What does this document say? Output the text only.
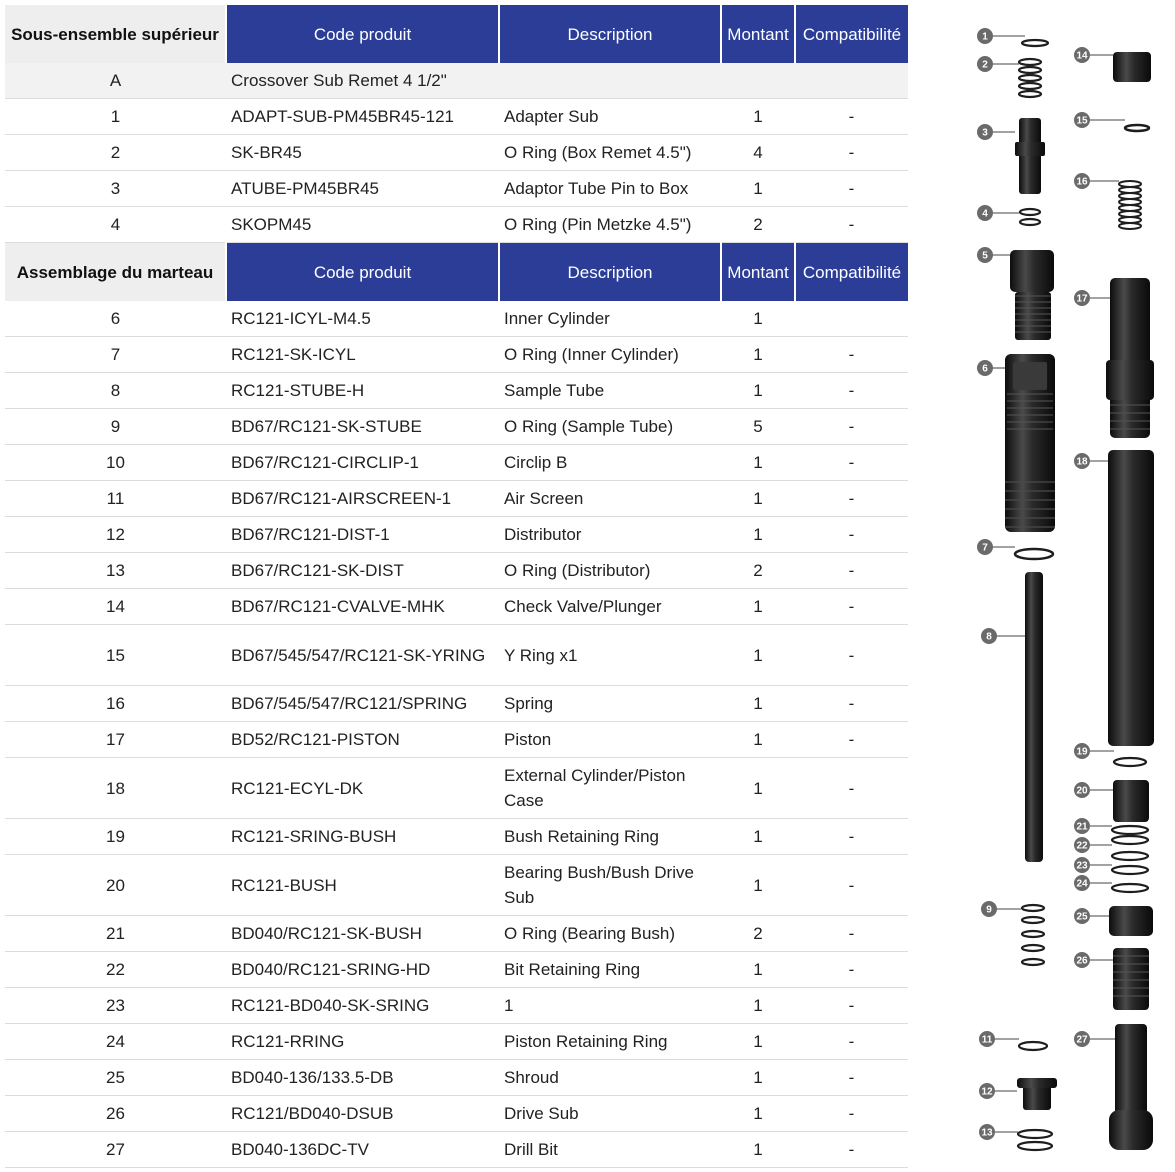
Sous-ensemble supérieur	Code produit	Description	Montant	Compatibilité
A	Crossover Sub Remet 4 1/2"			
1	ADAPT-SUB-PM45BR45-121	Adapter Sub	1	-
2	SK-BR45	O Ring (Box Remet 4.5")	4	-
3	ATUBE-PM45BR45	Adaptor Tube Pin to Box	1	-
4	SKOPM45	O Ring (Pin Metzke 4.5")	2	-
Assemblage du marteau	Code produit	Description	Montant	Compatibilité
6	RC121-ICYL-M4.5	Inner Cylinder	1	
7	RC121-SK-ICYL	O Ring (Inner Cylinder)	1	-
8	RC121-STUBE-H	Sample Tube	1	-
9	BD67/RC121-SK-STUBE	O Ring (Sample Tube)	5	-
10	BD67/RC121-CIRCLIP-1	Circlip B	1	-
11	BD67/RC121-AIRSCREEN-1	Air Screen	1	-
12	BD67/RC121-DIST-1	Distributor	1	-
13	BD67/RC121-SK-DIST	O Ring (Distributor)	2	-
14	BD67/RC121-CVALVE-MHK	Check Valve/Plunger	1	-
15	BD67/545/547/RC121-SK-YRING	Y Ring x1	1	-
16	BD67/545/547/RC121/SPRING	Spring	1	-
17	BD52/RC121-PISTON	Piston	1	-
18	RC121-ECYL-DK	External Cylinder/Piston Case	1	-
19	RC121-SRING-BUSH	Bush Retaining Ring	1	-
20	RC121-BUSH	Bearing Bush/Bush Drive Sub	1	-
21	BD040/RC121-SK-BUSH	O Ring (Bearing Bush)	2	-
22	BD040/RC121-SRING-HD	Bit Retaining Ring	1	-
23	RC121-BD040-SK-SRING	1	1	-
24	RC121-RRING	Piston Retaining Ring	1	-
25	BD040-136/133.5-DB	Shroud	1	-
26	RC121/BD040-DSUB	Drive Sub	1	-
27	BD040-136DC-TV	Drill Bit	1	-
1
2
3
4
5
6
7
8
9
11
12
13
14
15
16
17
18
19
20
21
22
23
24
25
26
27
